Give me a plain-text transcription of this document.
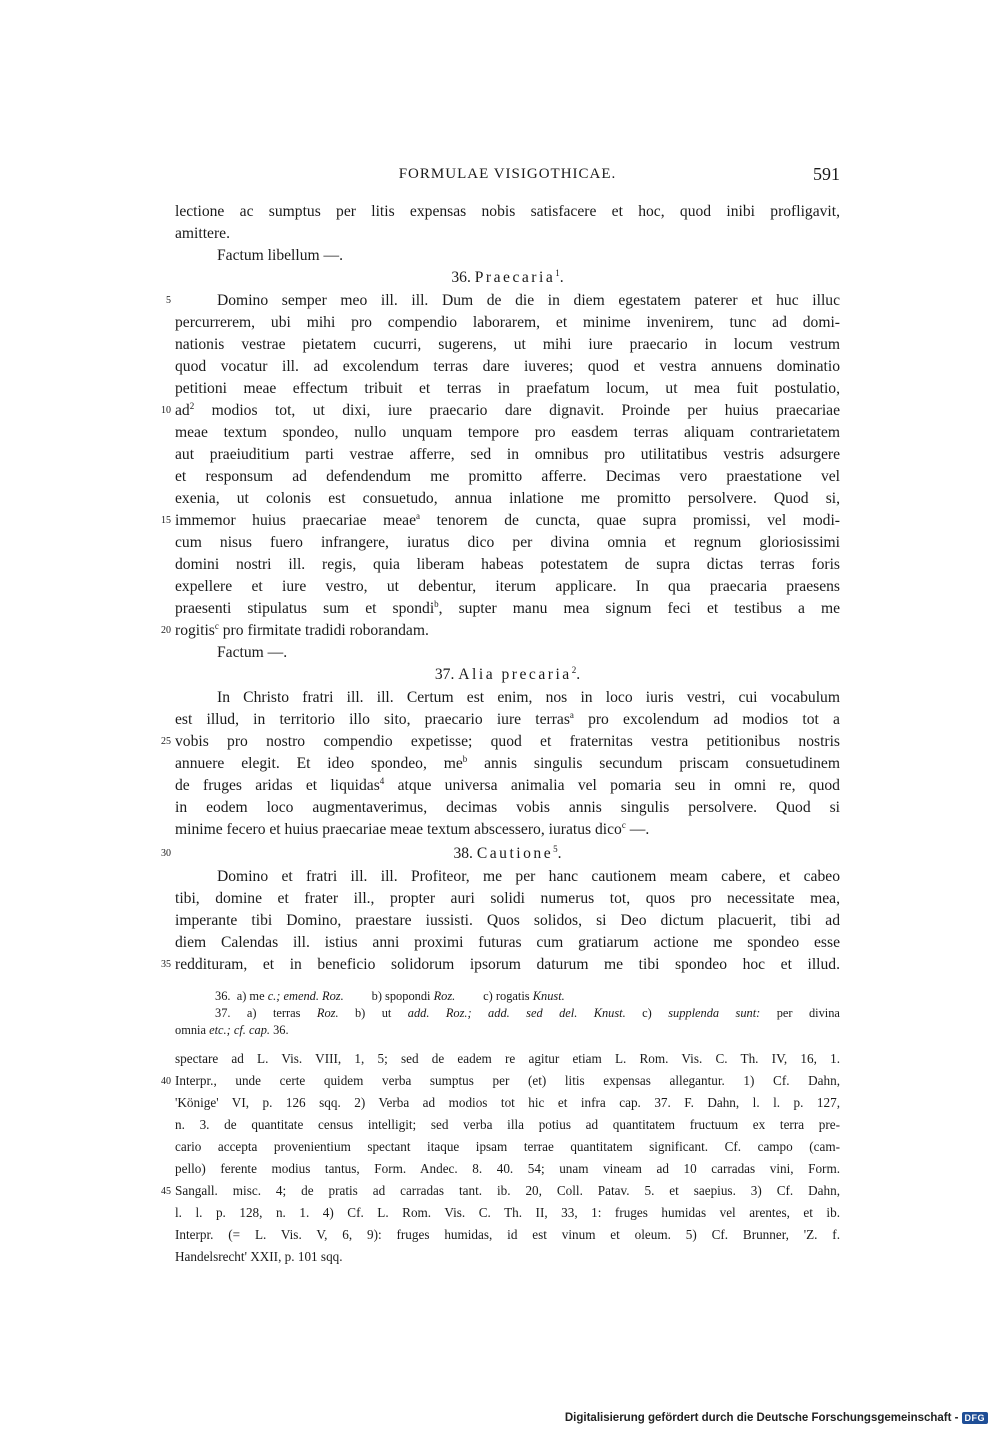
FORMULAE VISIGOTHICAE.	591
lectione ac sumptus per litis expensas nobis satisfacere et hoc, quod inibi profligavit,
amittere.
Factum libellum —.
36. Praecaria$^1$.
5	Domino semper meo ill. ill. Dum de die in diem egestatem paterer et huc illuc
percurrerem, ubi mihi pro compendio laborarem, et minime invenirem, tunc ad domi-
nationis vestrae pietatem cucurri, sugerens, ut mihi iure praecario in locum vestrum
quod vocatur ill. ad excolendum terras dare iuveres; quod et vestra annuens dominatio
petitioni meae effectum tribuit et terras in praefatum locum, ut mea fuit postulatio,
10 $ad^2$ modios tot, ut dixi, iure praecario dare dignavit. Proinde per huius praecariae
meae textum spondeo, nullo unquam tempore pro easdem terras aliquam contrarietatem
aut praeiuditium parti vestrae afferre, sed in omnibus pro utilitatibus vestris adsurgere
et responsum ad defendendum me promitto afferre. Decimas vero praestatione vel
exenia, ut colonis est consuetudo, annua inlatione me promitto persolvere. Quod si,
15 immemor huius praecariae meae$^a$ tenorem de cuncta, quae supra promissi, vel modi-
cum nisus fuero infrangere, iuratus dico per divina omnia et regnum gloriosissimi
domini nostri ill. regis, quia liberam habeas potestatem de supra dictas terras foris
expellere et iure vestro, ut debentur, iterum applicare. In qua praecaria praesens
praesenti stipulatus sum et spondi$^b$, supter manu mea signum feci et testibus a me
20 rogitis$^c$ pro firmitate tradidi roborandam.
Factum —.
37. Alia precaria$^2$.
In Christo fratri ill. ill. Certum est enim, nos in loco iuris vestri, cui vocabulum
est illud, in territorio illo sito, praecario iure terras$^a$ pro excolendum ad modios tot a
25 vobis pro nostro compendio expetisse; quod et fraternitas vestra petitionibus nostris
annuere elegit. Et ideo spondeo, $me^b$ annis singulis secundum priscam consuetudinem
de fruges aridas et liquidas$^4$ atque universa animalia vel pomaria seu in omni re, quod
in eodem loco augmentaverimus, decimas vobis annis singulis persolvere. Quod si
minime fecero et huius praecariae meae textum abscessero, iuratus dico$^c$ —.
30	38. Cautione$^5$.
Domino et fratri ill. ill. Profiteor, me per hanc cautionem meam cabere, et cabeo
tibi, domine et frater ill., propter auri solidi numerus tot, quos pro necessitate mea,
imperante tibi Domino, praestare iussisti. Quos solidos, si Deo dictum placuerit, tibi ad
diem Calendas ill. istius anni proximi futuras cum gratiarum actione me spondeo esse
35 reddituram, et in beneficio solidorum ipsorum daturum me tibi spondeo hoc et illud.
36. a) me c.; emend. Roz. b) spopondi Roz. c) rogatis Knust.
37. a) terras Roz. b) ut add. Roz.; add. sed del. Knust. c) supplenda sunt: per divina
omnia etc.; cf. cap. 36.
spectare ad L. Vis. VIII, 1, 5; sed de eadem re agitur etiam L. Rom. Vis. C. Th. IV, 16, 1.
40 Interpr., unde certe quidem verba sumptus per (et) litis expensas allegantur. 1) Cf. Dahn,
'Könige' VI, p. 126 sqq. 2) Verba ad modios tot hic et infra cap. 37. F. Dahn, l. l. p. 127,
n. 3. de quantitate census intelligit; sed verba illa potius ad quantitatem fructuum ex terra pre-
cario accepta provenientium spectant itaque ipsam terrae quantitatem significant. Cf. campo (cam-
pello) ferente modius tantus, Form. Andec. 8. 40. 54; unam vineam ad 10 carradas vini, Form.
45 Sangall. misc. 4; de pratis ad carradas tant. ib. 20, Coll. Patav. 5. et saepius. 3) Cf. Dahn,
l. l. p. 128, n. 1. 4) Cf. L. Rom. Vis. C. Th. II, 33, 1: fruges humidas vel arentes, et ib.
Interpr. (= L. Vis. V, 6, 9): fruges humidas, id est vinum et oleum. 5) Cf. Brunner, 'Z. f.
Handelsrecht' XXII, p. 101 sqq.
Digitalisierung gefördert durch die Deutsche Forschungsgemeinschaft - DFG
